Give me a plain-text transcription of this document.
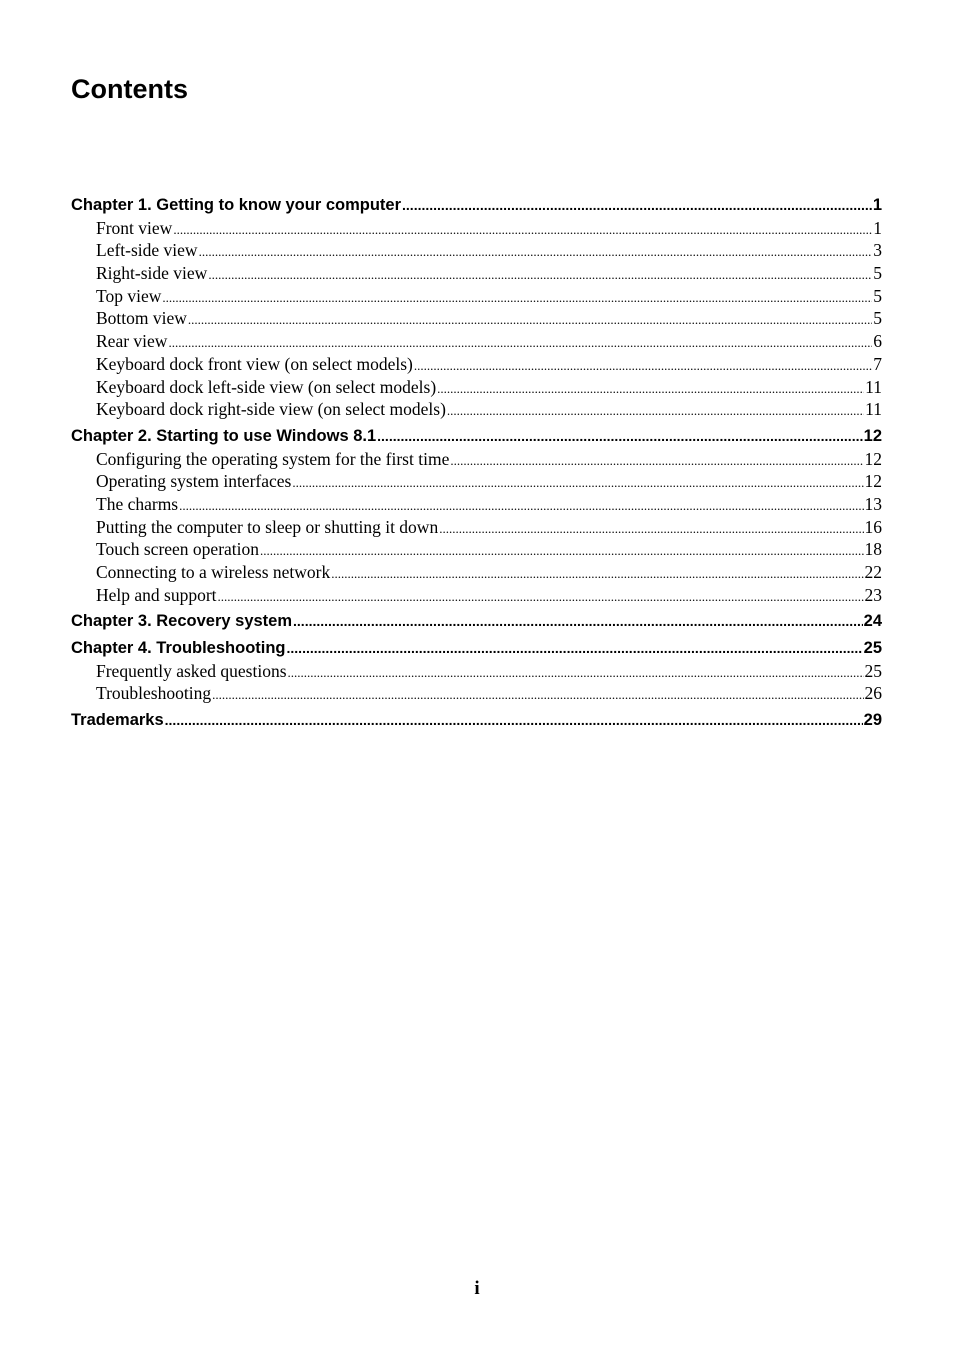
Contents
Chapter 1. Getting to know your computer .....	1
Front view .....	1
Left-side view .....	3
Right-side view .....	5
Top view .....	5
Bottom view .....	5
Rear view .....	6
Keyboard dock front view (on select models) .....	7
Keyboard dock left-side view (on select models) .....	11
Keyboard dock right-side view (on select models) .....	11
Chapter 2. Starting to use Windows 8.1 .....	12
Configuring the operating system for the first time .....	12
Operating system interfaces .....	12
The charms .....	13
Putting the computer to sleep or shutting it down .....	16
Touch screen operation .....	18
Connecting to a wireless network .....	22
Help and support .....	23
Chapter 3. Recovery system .....	24
Chapter 4. Troubleshooting .....	25
Frequently asked questions .....	25
Troubleshooting .....	26
Trademarks .....	29
i
